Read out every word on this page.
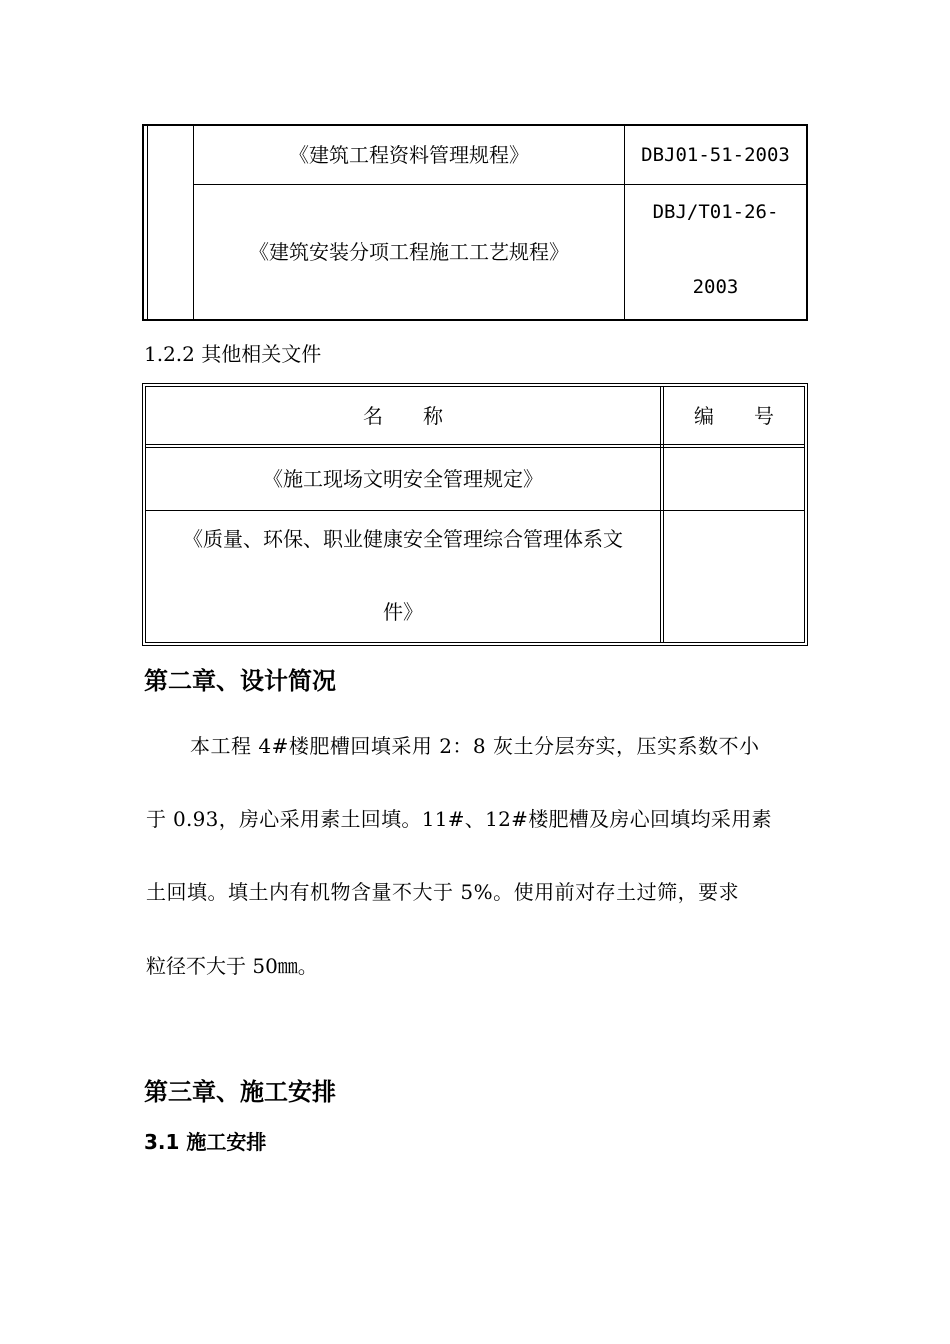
《建筑工程资料管理规程》	DBJ01-51-2003
《建筑安装分项工程施工工艺规程》
DBJ/T01-26-
2003
1.2.2 其他相关文件
名　　称	编　　号
《施工现场文明安全管理规定》
《质量、环保、职业健康安全管理综合管理体系文
件》
第二章、设计简况
本工程 4#楼肥槽回填采用 2：8 灰土分层夯实，压实系数不小
于 0.93，房心采用素土回填。11#、12#楼肥槽及房心回填均采用素
土回填。填土内有机物含量不大于 5%。使用前对存土过筛，要求
粒径不大于 50㎜。
第三章、施工安排
3.1 施工安排
